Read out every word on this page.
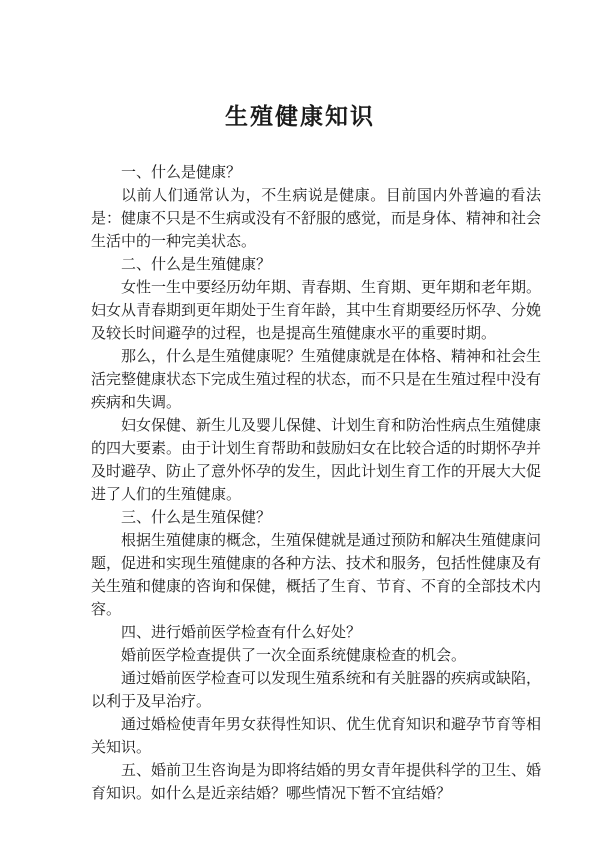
生殖健康知识

一、什么是健康？

以前人们通常认为，不生病说是健康。目前国内外普遍的看法是：健康不只是不生病或没有不舒服的感觉，而是身体、精神和社会生活中的一种完美状态。

二、什么是生殖健康？

女性一生中要经历幼年期、青春期、生育期、更年期和老年期。妇女从青春期到更年期处于生育年龄，其中生育期要经历怀孕、分娩及较长时间避孕的过程，也是提高生殖健康水平的重要时期。

那么，什么是生殖健康呢？生殖健康就是在体格、精神和社会生活完整健康状态下完成生殖过程的状态，而不只是在生殖过程中没有疾病和失调。

妇女保健、新生儿及婴儿保健、计划生育和防治性病点生殖健康的四大要素。由于计划生育帮助和鼓励妇女在比较合适的时期怀孕并及时避孕、防止了意外怀孕的发生，因此计划生育工作的开展大大促进了人们的生殖健康。

三、什么是生殖保健？

根据生殖健康的概念，生殖保健就是通过预防和解决生殖健康问题，促进和实现生殖健康的各种方法、技术和服务，包括性健康及有关生殖和健康的咨询和保健，概括了生育、节育、不育的全部技术内容。

四、进行婚前医学检查有什么好处？

婚前医学检查提供了一次全面系统健康检查的机会。

通过婚前医学检查可以发现生殖系统和有关脏器的疾病或缺陷，以利于及早治疗。

通过婚检使青年男女获得性知识、优生优育知识和避孕节育等相关知识。

五、婚前卫生咨询是为即将结婚的男女青年提供科学的卫生、婚育知识。如什么是近亲结婚？哪些情况下暂不宜结婚？
